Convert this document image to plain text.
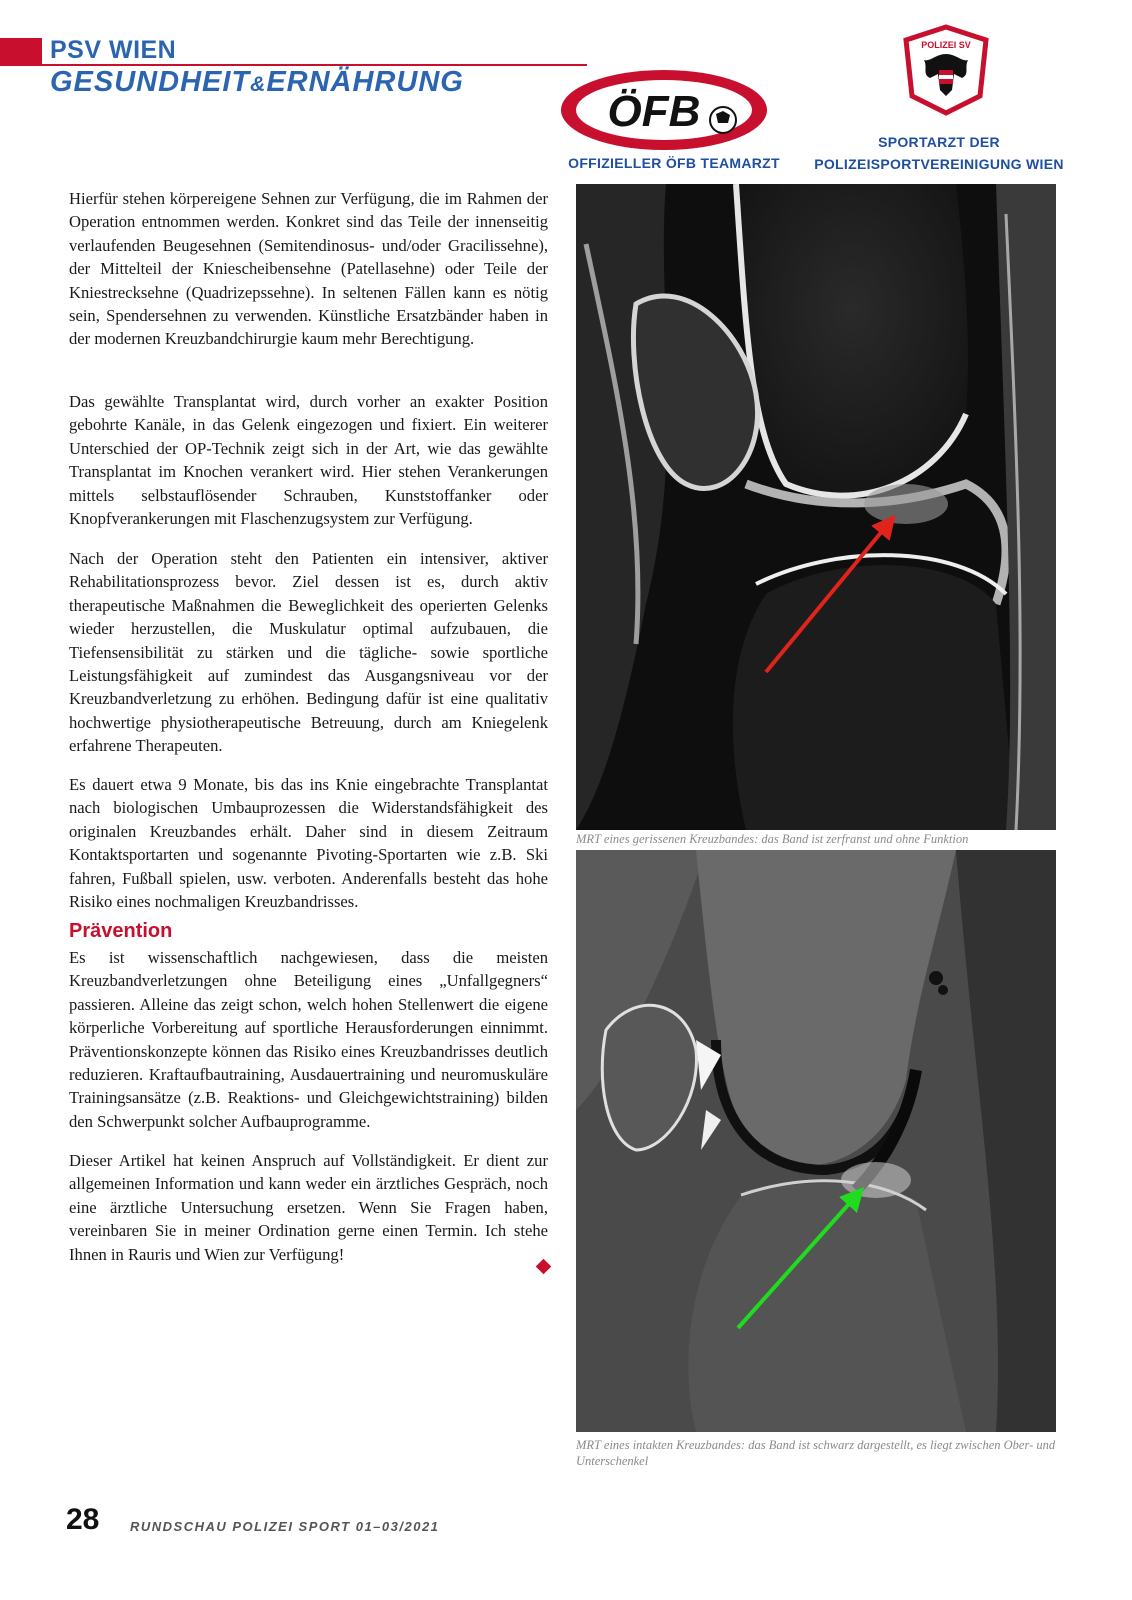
PSV WIEN
GESUNDHEIT&ERNÄHRUNG
ÖFB
OFFIZIELLER ÖFB TEAMARZT
POLIZEI SV
SPORTARZT DER
POLIZEISPORTVEREINIGUNG WIEN

Hierfür stehen körpereigene Sehnen zur Verfügung, die im Rahmen der Operation entnommen werden. Konkret sind das Teile der innenseitig verlaufenden Beugesehnen (Semitendinosus- und/oder Gracilissehne), der Mittelteil der Kniescheibensehne (Patellasehne) oder Teile der Kniestrecksehne (Quadrizepssehne). In seltenen Fällen kann es nötig sein, Spendersehnen zu verwenden. Künstliche Ersatzbänder haben in der modernen Kreuzbandchirurgie kaum mehr Berechtigung.

Das gewählte Transplantat wird, durch vorher an exakter Position gebohrte Kanäle, in das Gelenk eingezogen und fixiert. Ein weiterer Unterschied der OP-Technik zeigt sich in der Art, wie das gewählte Transplantat im Knochen verankert wird. Hier stehen Verankerungen mittels selbstauflösender Schrauben, Kunststoffanker oder Knopfverankerungen mit Flaschenzugsystem zur Verfügung.

Nach der Operation steht den Patienten ein intensiver, aktiver Rehabilitationsprozess bevor. Ziel dessen ist es, durch aktiv therapeutische Maßnahmen die Beweglichkeit des operierten Gelenks wieder herzustellen, die Muskulatur optimal aufzubauen, die Tiefensensibilität zu stärken und die tägliche- sowie sportliche Leistungsfähigkeit auf zumindest das Ausgangsniveau vor der Kreuzbandverletzung zu erhöhen. Bedingung dafür ist eine qualitativ hochwertige physiotherapeutische Betreuung, durch am Kniegelenk erfahrene Therapeuten.

Es dauert etwa 9 Monate, bis das ins Knie eingebrachte Transplantat nach biologischen Umbauprozessen die Widerstandsfähigkeit des originalen Kreuzbandes erhält. Daher sind in diesem Zeitraum Kontaktsportarten und sogenannte Pivoting-Sportarten wie z.B. Ski fahren, Fußball spielen, usw. verboten. Anderenfalls besteht das hohe Risiko eines nochmaligen Kreuzbandrisses.

Prävention

Es ist wissenschaftlich nachgewiesen, dass die meisten Kreuzbandverletzungen ohne Beteiligung eines „Unfallgegners“ passieren. Alleine das zeigt schon, welch hohen Stellenwert die eigene körperliche Vorbereitung auf sportliche Herausforderungen einnimmt. Präventionskonzepte können das Risiko eines Kreuzbandrisses deutlich reduzieren. Kraftaufbautraining, Ausdauertraining und neuromuskuläre Trainingsansätze (z.B. Reaktions- und Gleichgewichtstraining) bilden den Schwerpunkt solcher Aufbauprogramme.

Dieser Artikel hat keinen Anspruch auf Vollständigkeit. Er dient zur allgemeinen Information und kann weder ein ärztliches Gespräch, noch eine ärztliche Untersuchung ersetzen. Wenn Sie Fragen haben, vereinbaren Sie in meiner Ordination gerne einen Termin. Ich stehe Ihnen in Rauris und Wien zur Verfügung!

MRT eines gerissenen Kreuzbandes: das Band ist zerfranst und ohne Funktion
MRT eines intakten Kreuzbandes: das Band ist schwarz dargestellt, es liegt zwischen Ober- und Unterschenkel
28 RUNDSCHAU POLIZEI SPORT 01–03/2021
